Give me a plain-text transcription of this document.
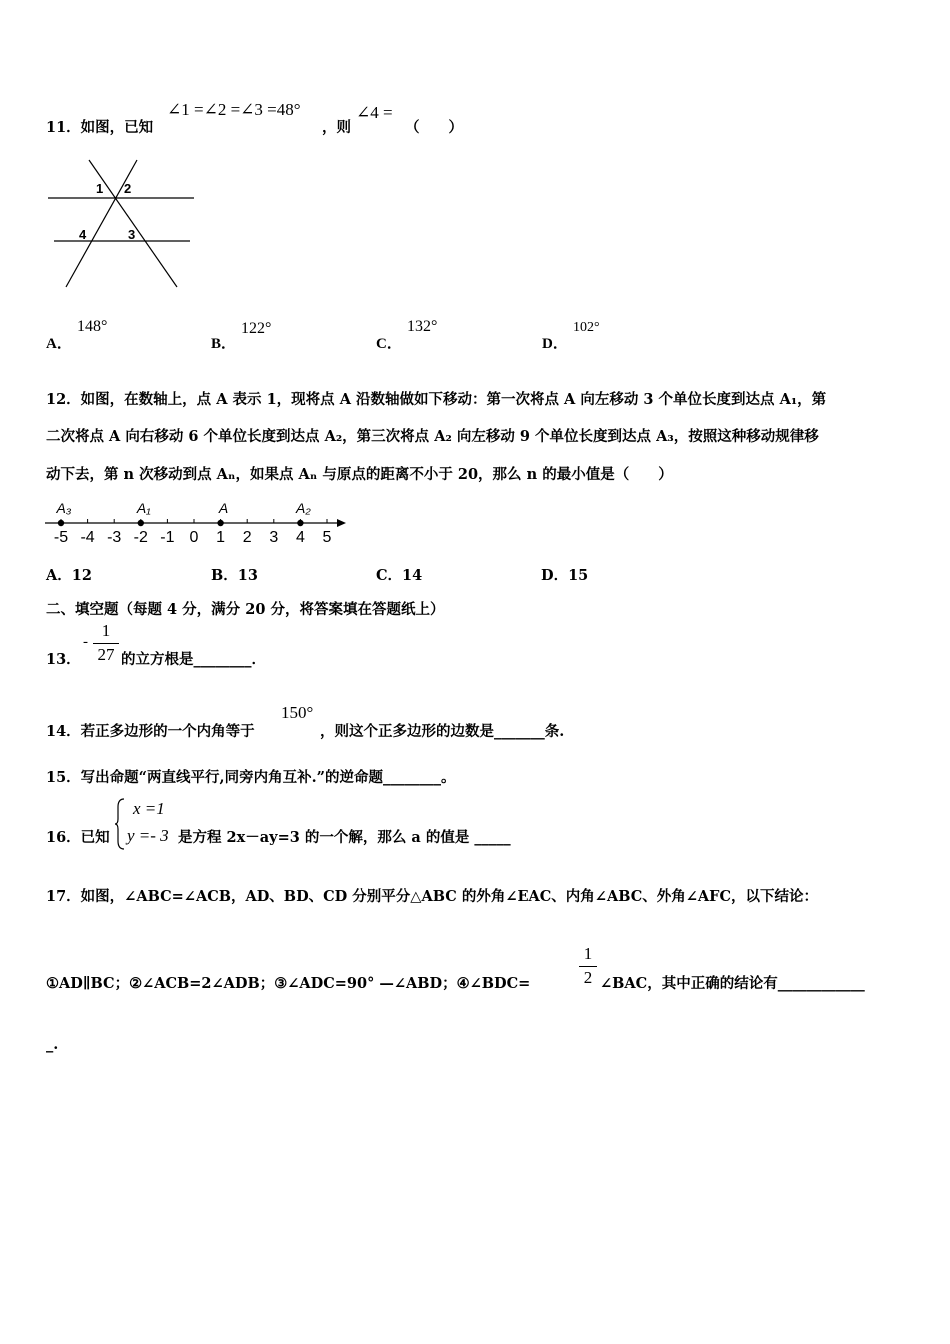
11．如图，已知
∠1 =∠2 =∠3 =48°
，则
∠4 =
（　　）
1 2
4	3
A．
148°
B．
122°
C．
132°
D．
102°
12．如图，在数轴上，点 A 表示 1，现将点 A 沿数轴做如下移动：第一次将点 A 向左移动 3 个单位长度到达点 A₁，第
二次将点 A 向右移动 6 个单位长度到达点 A₂，第三次将点 A₂ 向左移动 9 个单位长度到达点 A₃，按照这种移动规律移
动下去，第 n 次移动到点 Aₙ，如果点 Aₙ 与原点的距离不小于 20，那么 n 的最小值是（　　）
-5 -4 -3 -2 -1 0 1 2 3 4 5
A₃	A₁	A	A₂
A．12	B．13	C．14	D．15
二、填空题（每题 4 分，满分 20 分，将答案填在答题纸上）
13．
-
1
27 的立方根是________．
14．若正多边形的一个内角等于
150°
，则这个正多边形的边数是_______条.
15．写出命题“两直线平行,同旁内角互补.”的逆命题________。
16．已知
x =1
y =- 3 是方程 2x－ay=3 的一个解，那么 a 的值是 _____
17．如图，∠ABC=∠ACB，AD、BD、CD 分别平分△ABC 的外角∠EAC、内角∠ABC、外角∠AFC，以下结论：
①AD∥BC；②∠ACB=2∠ADB；③∠ADC=90° —∠ABD；④∠BDC=
1
2 ∠BAC，其中正确的结论有____________
_.
